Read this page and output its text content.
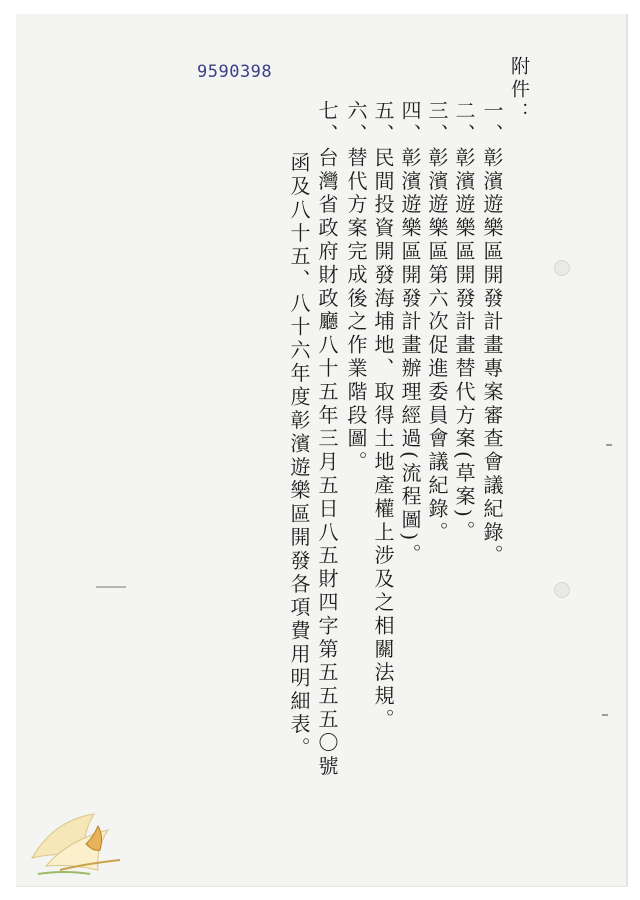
9590398	附件：
一、彰濱遊樂區開發計畫專案審查會議紀錄。
二、彰濱遊樂區開發計畫替代方案(草案)。
三、彰濱遊樂區第六次促進委員會議紀錄。
四、彰濱遊樂區開發計畫辦理經過(流程圖)。
五、民間投資開發海埔地、取得土地產權上涉及之相關法規。
六、替代方案完成後之作業階段圖。
七、台灣省政府財政廳八十五年三月五日八五財四字第五五五〇號
函及八十五、八十六年度彰濱遊樂區開發各項費用明細表。
